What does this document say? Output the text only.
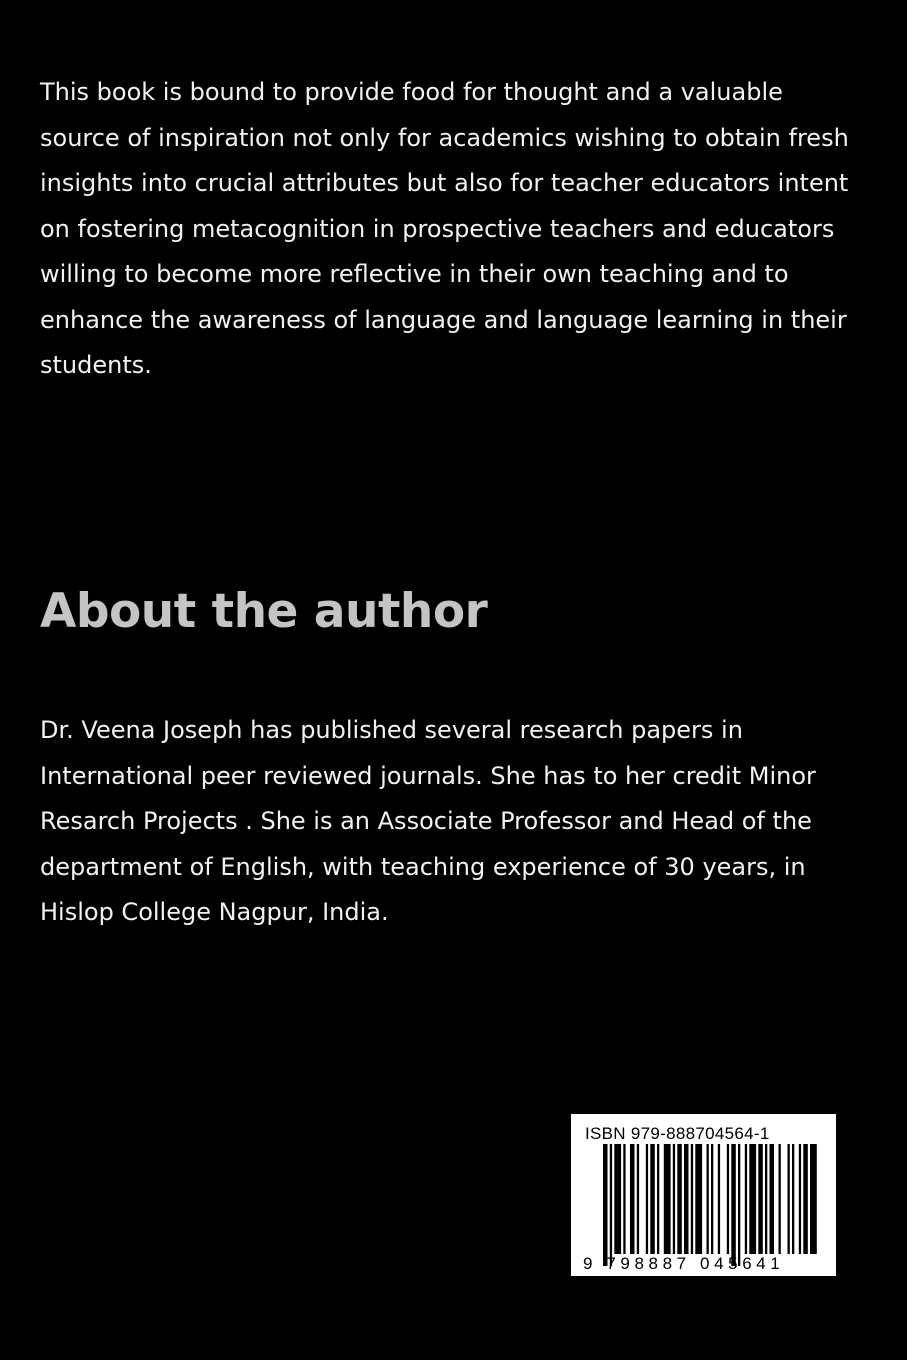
This book is bound to provide food for thought and a valuable
source of inspiration not only for academics wishing to obtain fresh
insights into crucial attributes but also for teacher educators intent
on fostering metacognition in prospective teachers and educators
willing to become more reflective in their own teaching and to
enhance the awareness of language and language learning in their
students.
About the author
Dr. Veena Joseph has published several research papers in
International peer reviewed journals. She has to her credit Minor
Resarch Projects . She is an Associate Professor and Head of the
department of English, with teaching experience of 30 years, in
Hislop College Nagpur, India.
ISBN 979-888704564-1
9 798887 045641
